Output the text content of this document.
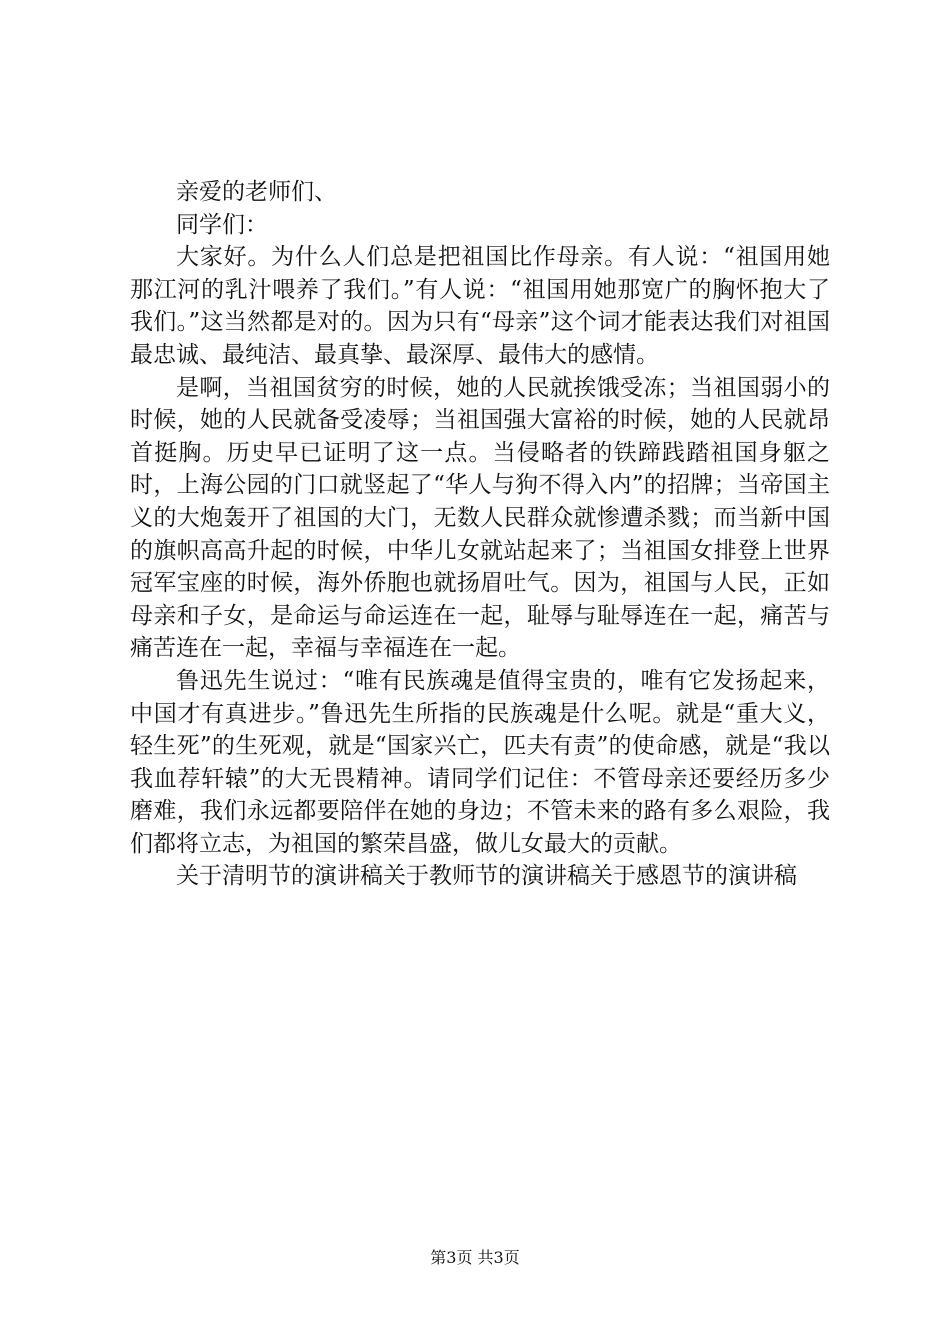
亲爱的老师们、

同学们：

大家好。为什么人们总是把祖国比作母亲。有人说：“祖国用她那江河的乳汁喂养了我们。”有人说：“祖国用她那宽广的胸怀抱大了我们。”这当然都是对的。因为只有“母亲”这个词才能表达我们对祖国最忠诚、最纯洁、最真挚、最深厚、最伟大的感情。

是啊，当祖国贫穷的时候，她的人民就挨饿受冻；当祖国弱小的时候，她的人民就备受凌辱；当祖国强大富裕的时候，她的人民就昂首挺胸。历史早已证明了这一点。当侵略者的铁蹄践踏祖国身躯之时，上海公园的门口就竖起了“华人与狗不得入内”的招牌；当帝国主义的大炮轰开了祖国的大门，无数人民群众就惨遭杀戮；而当新中国的旗帜高高升起的时候，中华儿女就站起来了；当祖国女排登上世界冠军宝座的时候，海外侨胞也就扬眉吐气。因为，祖国与人民，正如母亲和子女，是命运与命运连在一起，耻辱与耻辱连在一起，痛苦与痛苦连在一起，幸福与幸福连在一起。

鲁迅先生说过：“唯有民族魂是值得宝贵的，唯有它发扬起来，中国才有真进步。”鲁迅先生所指的民族魂是什么呢。就是“重大义，轻生死”的生死观，就是“国家兴亡，匹夫有责”的使命感，就是“我以我血荐轩辕”的大无畏精神。请同学们记住：不管母亲还要经历多少磨难，我们永远都要陪伴在她的身边；不管未来的路有多么艰险，我们都将立志，为祖国的繁荣昌盛，做儿女最大的贡献。

关于清明节的演讲稿关于教师节的演讲稿关于感恩节的演讲稿

第3页 共3页
